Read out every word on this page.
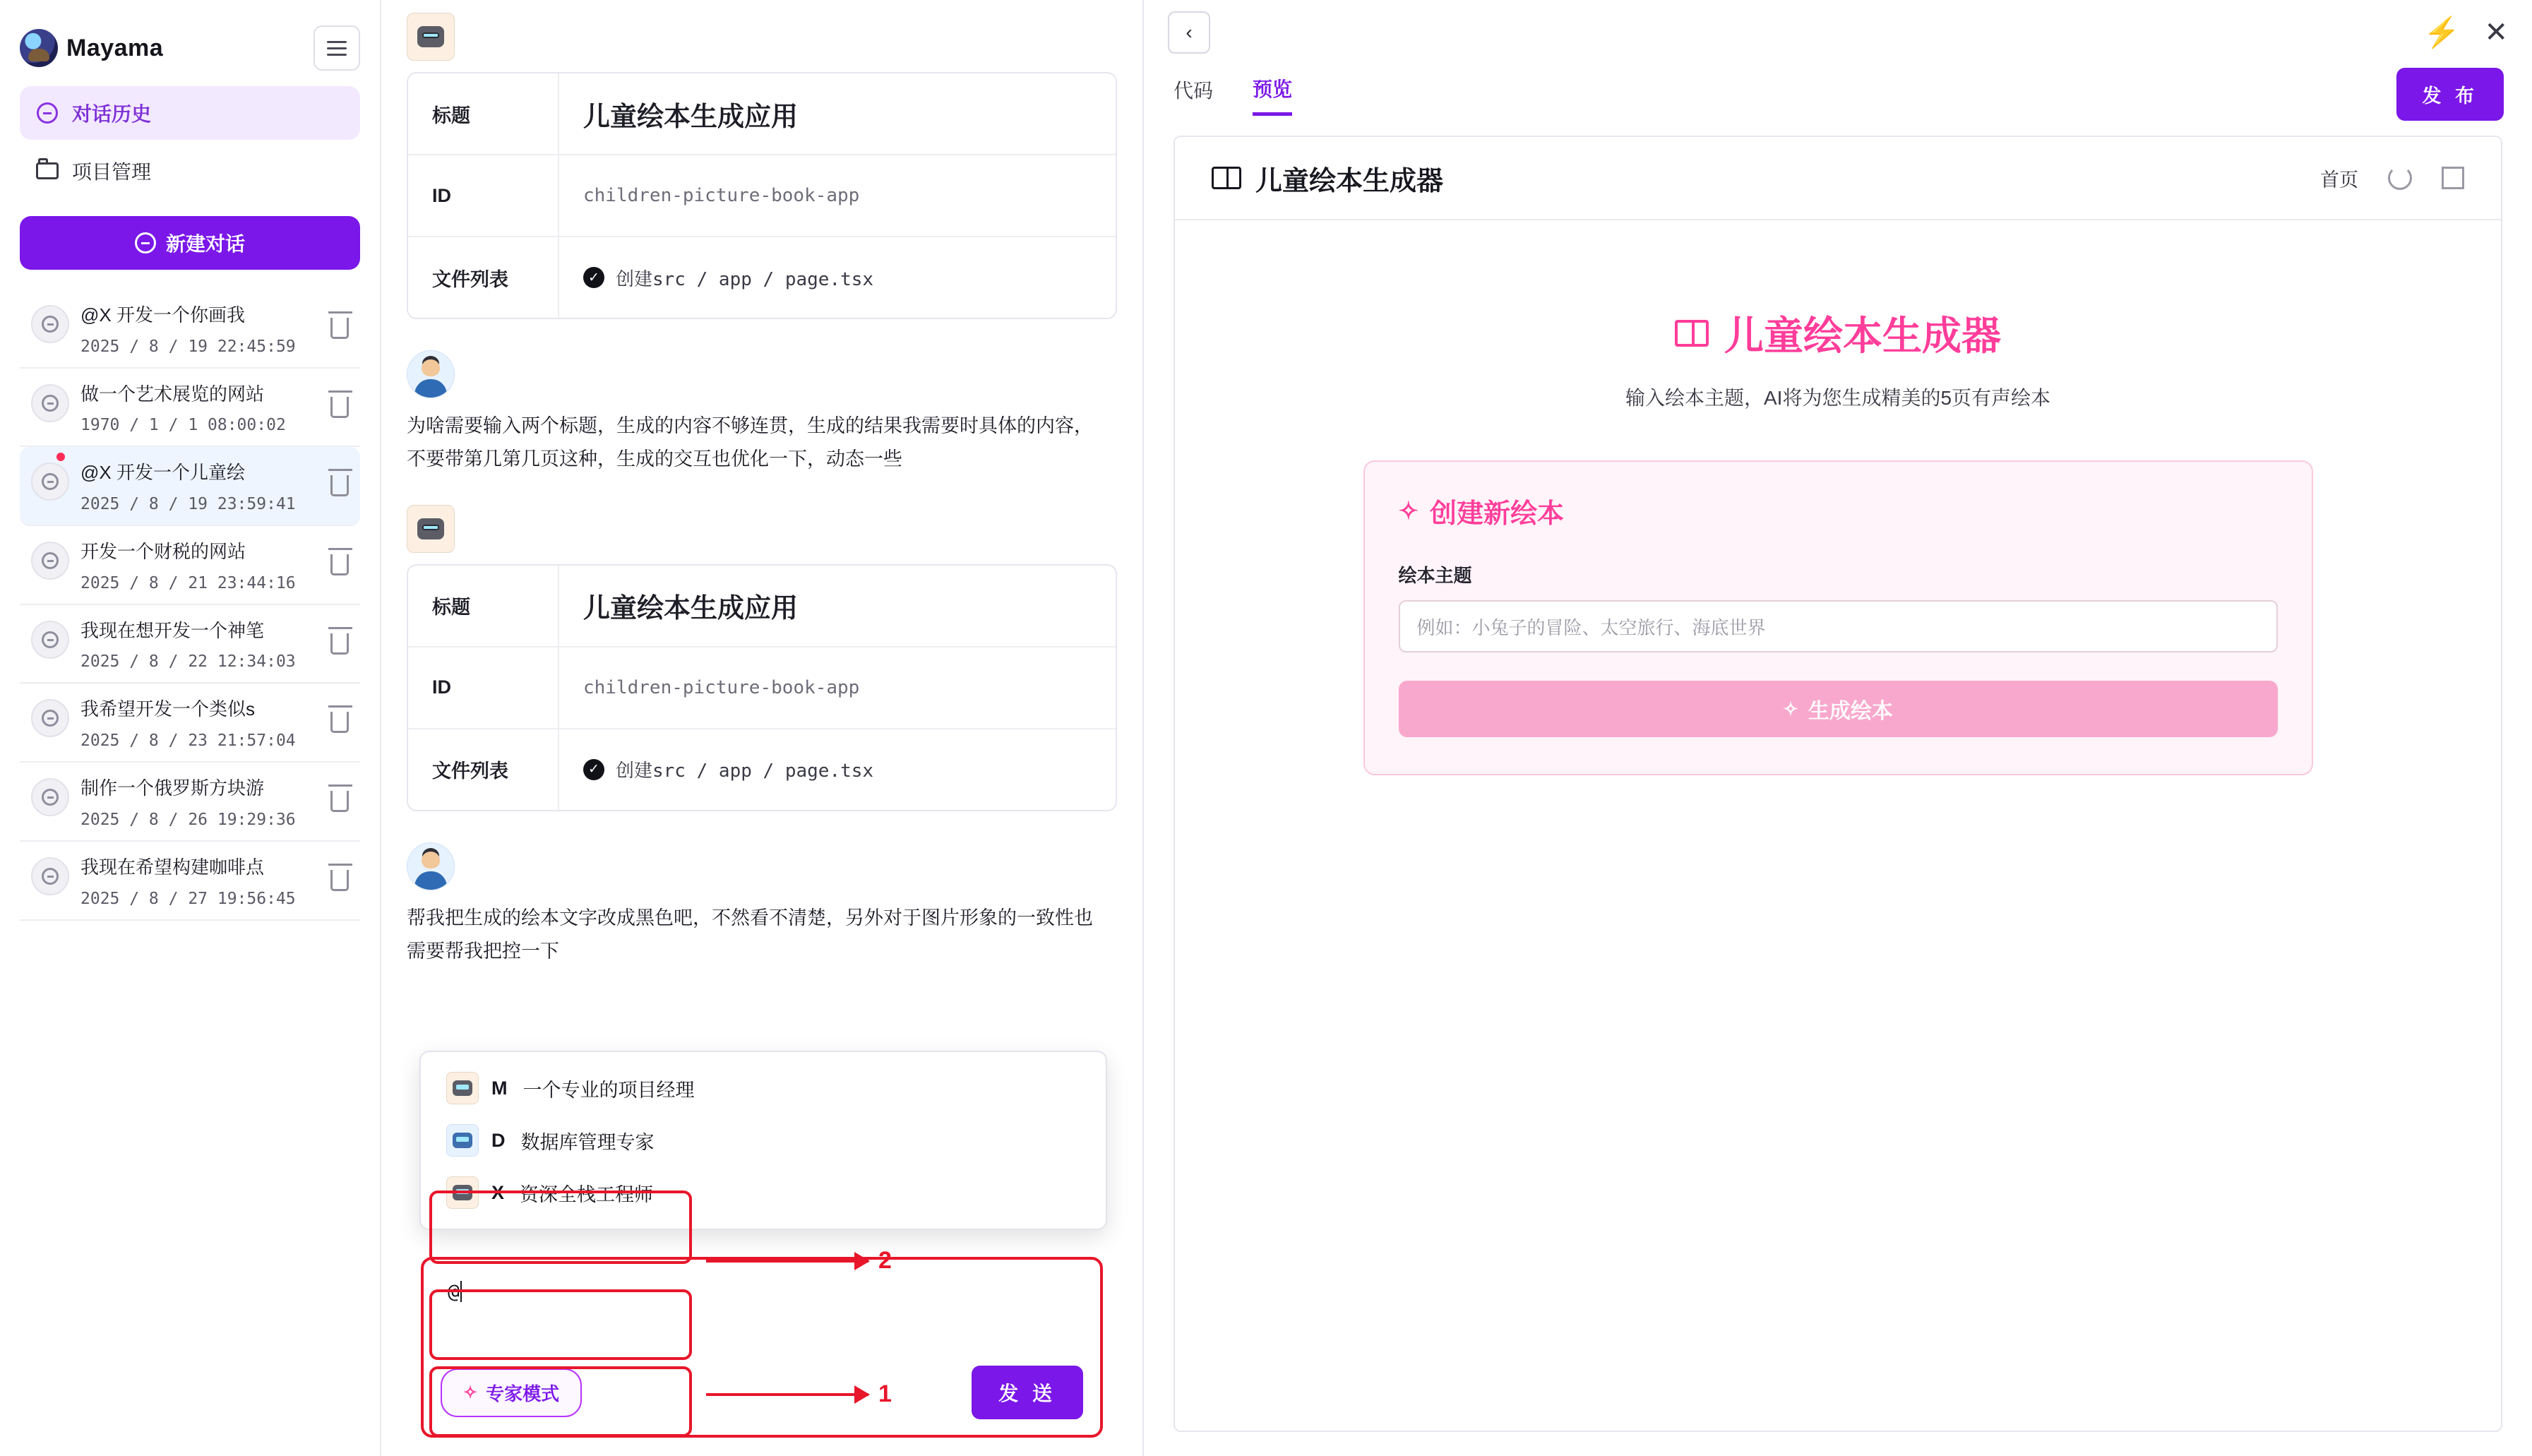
Mayama
对话历史
项目管理
新建对话
@X 开发一个你画我
2025 / 8 / 19 22:45:59
做一个艺术展览的网站
1970 / 1 / 1 08:00:02
@X 开发一个儿童绘
2025 / 8 / 19 23:59:41
开发一个财税的网站
2025 / 8 / 21 23:44:16
我现在想开发一个神笔
2025 / 8 / 22 12:34:03
我希望开发一个类似s
2025 / 8 / 23 21:57:04
制作一个俄罗斯方块游
2025 / 8 / 26 19:29:36
我现在希望构建咖啡点
2025 / 8 / 27 19:56:45
标题	儿童绘本生成应用
ID	children-picture-book-app
文件列表	✓ 创建src / app / page.tsx
为啥需要输入两个标题，生成的内容不够连贯，生成的结果我需要时具体的内容，不要带第几第几页这种，生成的交互也优化一下，动态一些
标题	儿童绘本生成应用
ID	children-picture-book-app
文件列表	✓ 创建src / app / page.tsx
帮我把生成的绘本文字改成黑色吧，不然看不清楚，另外对于图片形象的一致性也需要帮我把控一下
M 一个专业的项目经理
D 数据库管理专家
X 资深全栈工程师
2
1
@
✧ 专家模式	发 送
‹	⚡ ✕
代码 预览	发 布
儿童绘本生成器	首页
儿童绘本生成器
输入绘本主题，AI将为您生成精美的5页有声绘本
✧ 创建新绘本
绘本主题
例如：小兔子的冒险、太空旅行、海底世界
✧ 生成绘本
